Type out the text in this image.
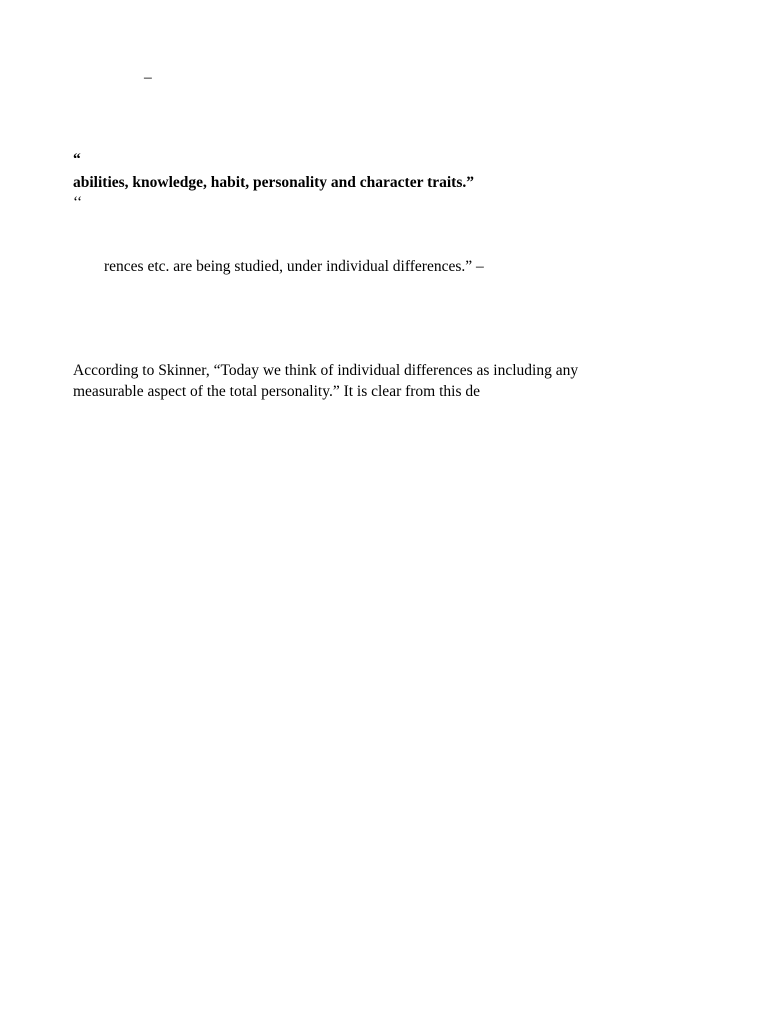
–
“
abilities, knowledge, habit, personality and character traits.”
‘‘
rences etc. are being studied, under individual differences.” –
According to Skinner, “Today we think of individual differences as including any
measurable aspect of the total personality.” It is clear from this de
